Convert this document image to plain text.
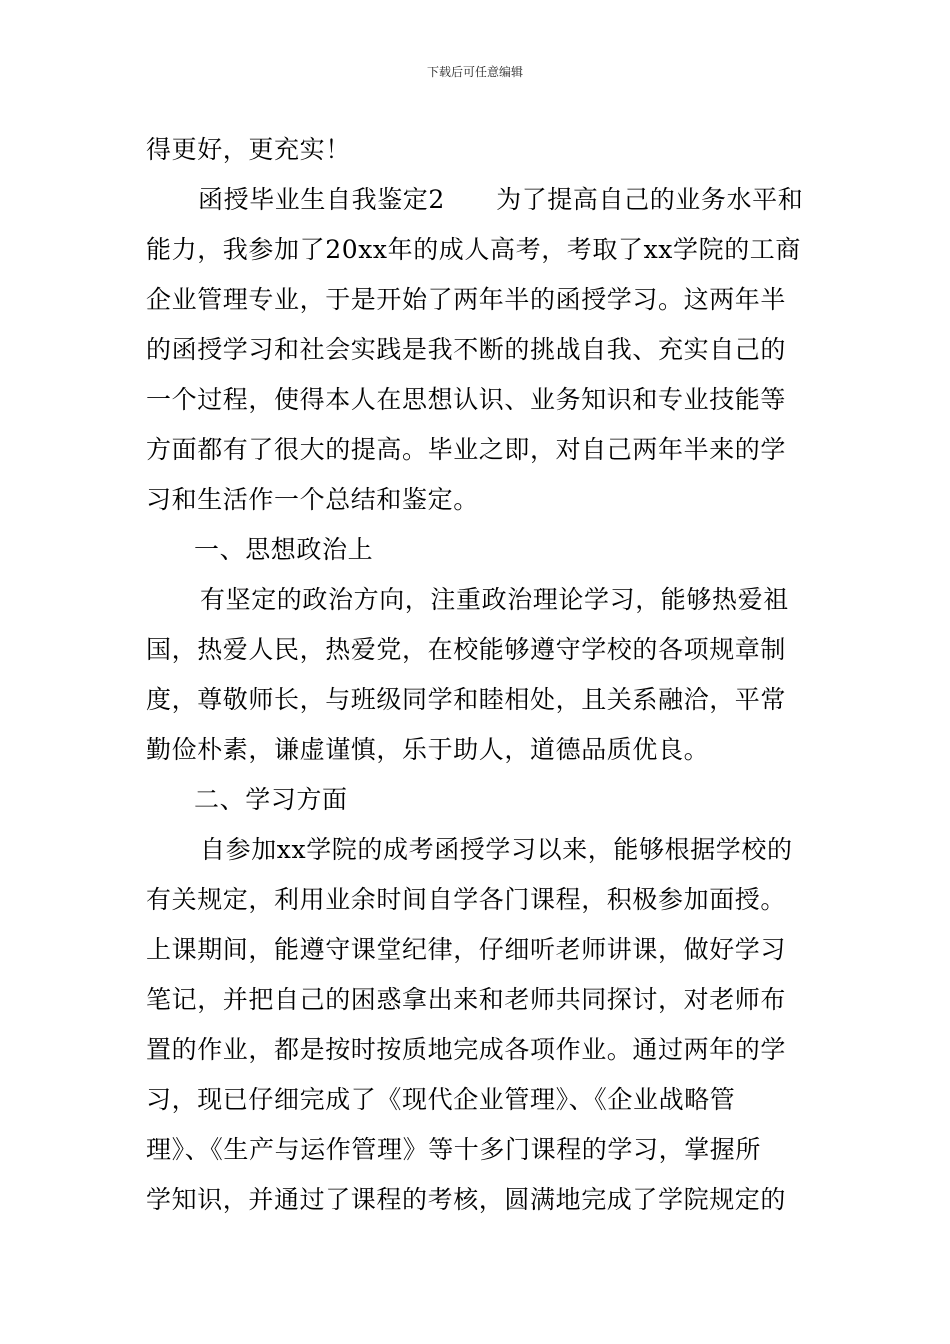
下载后可任意编辑
得更好，更充实！
函授毕业生自我鉴定2　　为了提高自己的业务水平和
能力，我参加了20xx年的成人高考，考取了xx学院的工商
企业管理专业，于是开始了两年半的函授学习。这两年半
的函授学习和社会实践是我不断的挑战自我、充实自己的
一个过程，使得本人在思想认识、业务知识和专业技能等
方面都有了很大的提高。毕业之即，对自己两年半来的学
习和生活作一个总结和鉴定。
一、思想政治上
有坚定的政治方向，注重政治理论学习，能够热爱祖
国，热爱人民，热爱党，在校能够遵守学校的各项规章制
度，尊敬师长，与班级同学和睦相处，且关系融洽，平常
勤俭朴素，谦虚谨慎，乐于助人，道德品质优良。
二、学习方面
自参加xx学院的成考函授学习以来，能够根据学校的
有关规定，利用业余时间自学各门课程，积极参加面授。
上课期间，能遵守课堂纪律，仔细听老师讲课，做好学习
笔记，并把自己的困惑拿出来和老师共同探讨，对老师布
置的作业，都是按时按质地完成各项作业。通过两年的学
习，现已仔细完成了《现代企业管理》、《企业战略管
理》、《生产与运作管理》等十多门课程的学习，掌握所
学知识，并通过了课程的考核，圆满地完成了学院规定的
